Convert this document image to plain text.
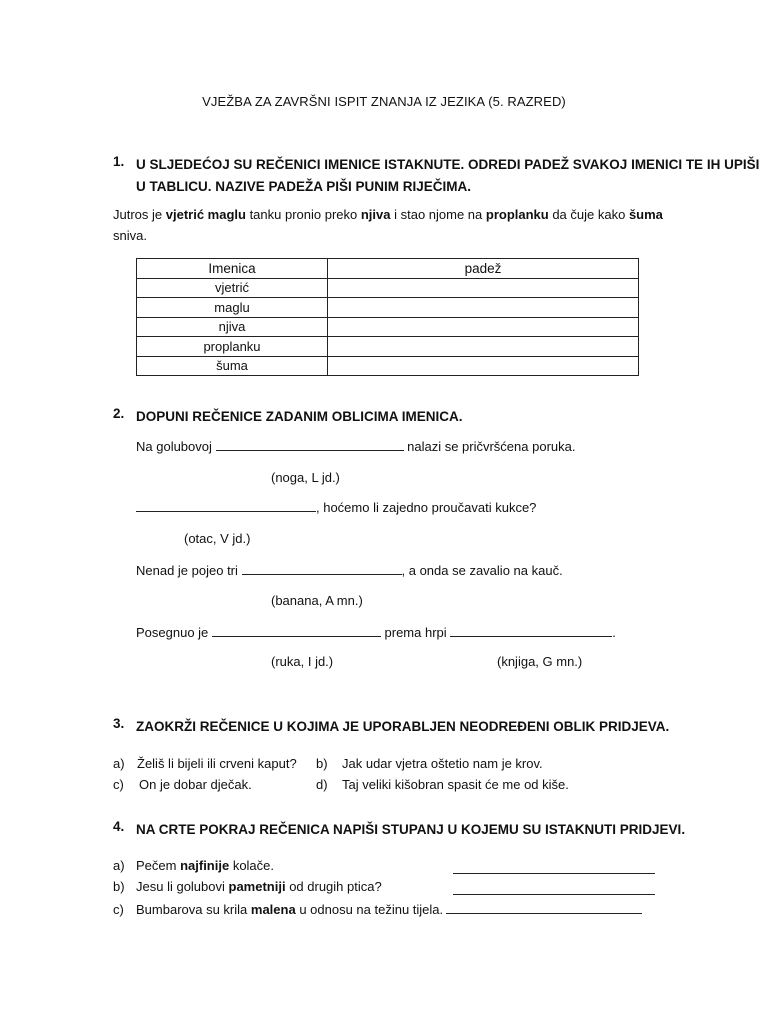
VJEŽBA ZA ZAVRŠNI ISPIT ZNANJA IZ JEZIKA (5. RAZRED)
1. U SLJEDEĆOJ SU REČENICI IMENICE ISTAKNUTE. ODREDI PADEŽ SVAKOJ IMENICI TE IH UPIŠI
U TABLICU. NAZIVE PADEŽA PIŠI PUNIM RIJEČIMA.
Jutros je vjetrić maglu tanku pronio preko njiva i stao njome na proplanku da čuje kako šuma
sniva.
Imenica	padež
vjetrić	
maglu	
njiva	
proplanku	
šuma	
2. DOPUNI REČENICE ZADANIM OBLICIMA IMENICA.
Na golubovoj	nalazi se pričvršćena poruka.
(noga, L jd.)
, hoćemo li zajedno proučavati kukce?
(otac, V jd.)
Nenad je pojeo tri	, a onda se zavalio na kauč.
(banana, A mn.)
Posegnuo je	prema hrpi	.
(ruka, I jd.)	(knjiga, G mn.)
3. ZAOKRŽI REČENICE U KOJIMA JE UPORABLJEN NEODREĐENI OBLIK PRIDJEVA.
a) Želiš li bijeli ili crveni kaput? b) Jak udar vjetra oštetio nam je krov.
c) On je dobar dječak.	d) Taj veliki kišobran spasit će me od kiše.
4. NA CRTE POKRAJ REČENICA NAPIŠI STUPANJ U KOJEMU SU ISTAKNUTI PRIDJEVI.
a) Pečem najfinije kolače.
b) Jesu li golubovi pametniji od drugih ptica?
c) Bumbarova su krila malena u odnosu na težinu tijela.
